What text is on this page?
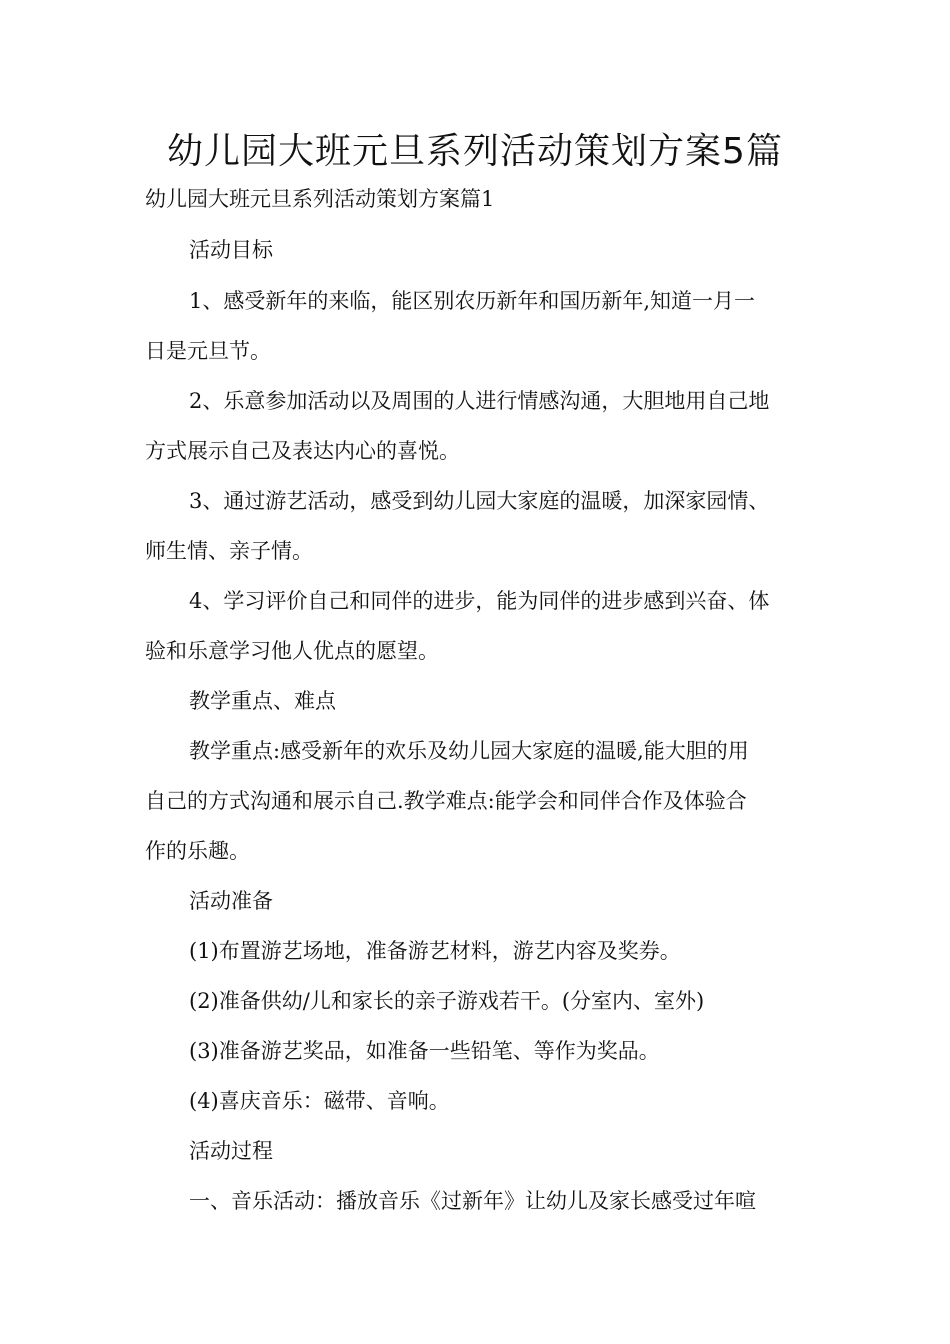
幼儿园大班元旦系列活动策划方案5篇
幼儿园大班元旦系列活动策划方案篇1
活动目标
1、感受新年的来临，能区别农历新年和国历新年,知道一月一
日是元旦节。
2、乐意参加活动以及周围的人进行情感沟通，大胆地用自己地
方式展示自己及表达内心的喜悦。
3、通过游艺活动，感受到幼儿园大家庭的温暖，加深家园情、
师生情、亲子情。
4、学习评价自己和同伴的进步，能为同伴的进步感到兴奋、体
验和乐意学习他人优点的愿望。
教学重点、难点
教学重点:感受新年的欢乐及幼儿园大家庭的温暖,能大胆的用
自己的方式沟通和展示自己.教学难点:能学会和同伴合作及体验合
作的乐趣。
活动准备
(1)布置游艺场地，准备游艺材料，游艺内容及奖券。
(2)准备供幼/儿和家长的亲子游戏若干。(分室内、室外)
(3)准备游艺奖品，如准备一些铅笔、等作为奖品。
(4)喜庆音乐：磁带、音响。
活动过程
一、音乐活动：播放音乐《过新年》让幼儿及家长感受过年喧
